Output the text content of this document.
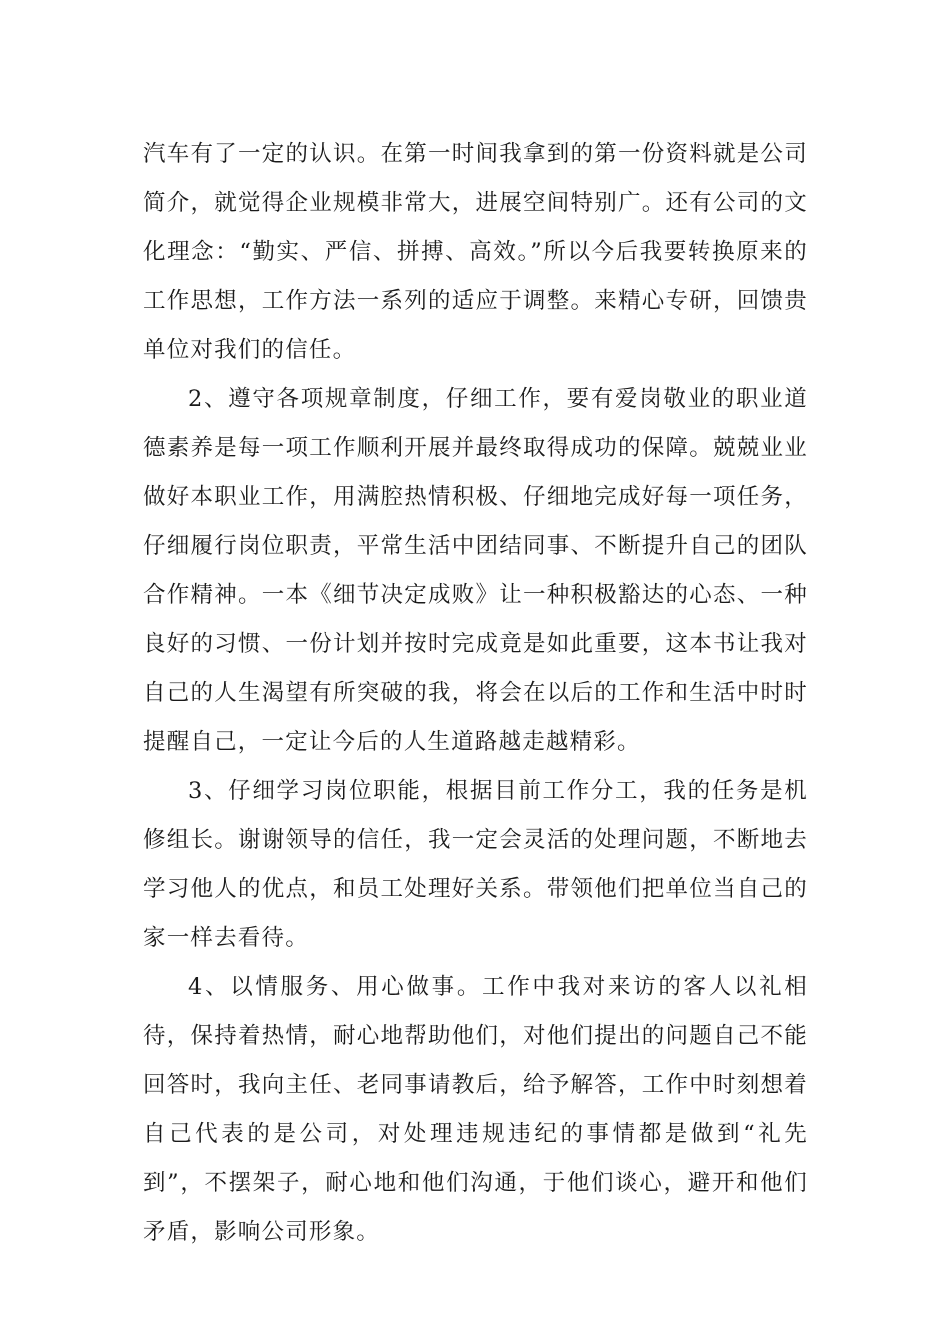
汽车有了一定的认识。在第一时间我拿到的第一份资料就是公司简介，就觉得企业规模非常大，进展空间特别广。还有公司的文化理念：“勤实、严信、拼搏、高效。”所以今后我要转换原来的工作思想，工作方法一系列的适应于调整。来精心专研，回馈贵单位对我们的信任。

2、遵守各项规章制度，仔细工作，要有爱岗敬业的职业道德素养是每一项工作顺利开展并最终取得成功的保障。兢兢业业做好本职业工作，用满腔热情积极、仔细地完成好每一项任务，仔细履行岗位职责，平常生活中团结同事、不断提升自己的团队合作精神。一本《细节决定成败》让一种积极豁达的心态、一种良好的习惯、一份计划并按时完成竟是如此重要，这本书让我对自己的人生渴望有所突破的我，将会在以后的工作和生活中时时提醒自己，一定让今后的人生道路越走越精彩。

3、仔细学习岗位职能，根据目前工作分工，我的任务是机修组长。谢谢领导的信任，我一定会灵活的处理问题，不断地去学习他人的优点，和员工处理好关系。带领他们把单位当自己的家一样去看待。

4、以情服务、用心做事。工作中我对来访的客人以礼相待，保持着热情，耐心地帮助他们，对他们提出的问题自己不能回答时，我向主任、老同事请教后，给予解答，工作中时刻想着自己代表的是公司，对处理违规违纪的事情都是做到“礼先到”，不摆架子，耐心地和他们沟通，于他们谈心，避开和他们矛盾，影响公司形象。
